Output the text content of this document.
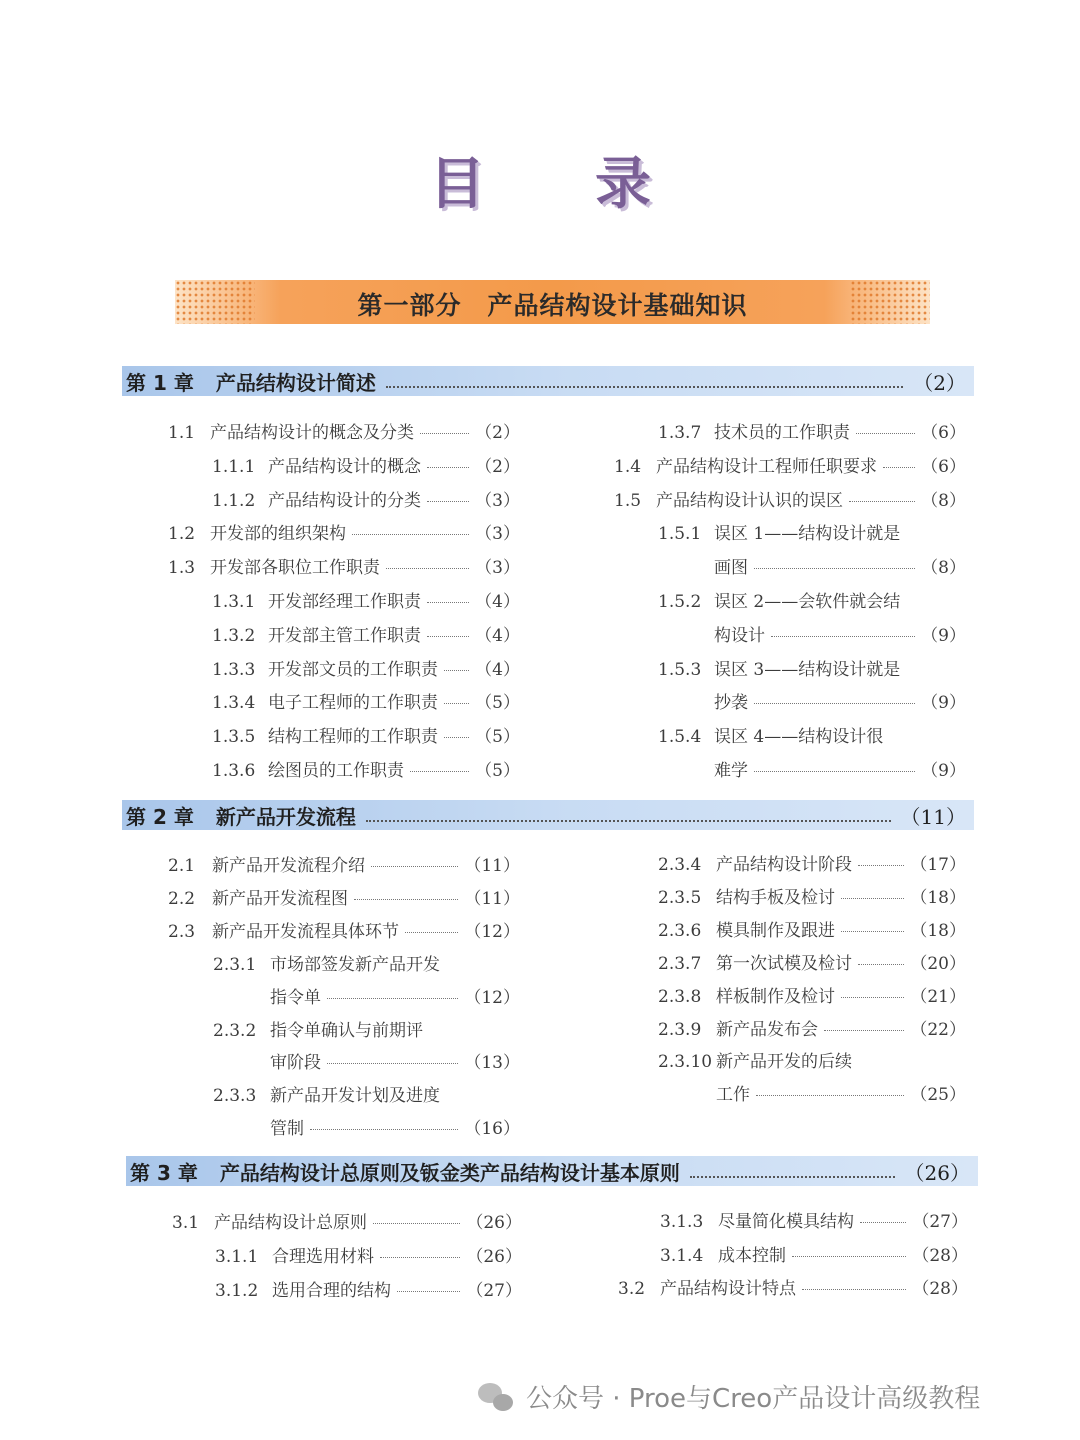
目录
第一部分　产品结构设计基础知识
第 1 章 产品结构设计简述	（2）
第 2 章 新产品开发流程	（11）
第 3 章 产品结构设计总原则及钣金类产品结构设计基本原则	（26）
1.1 产品结构设计的概念及分类	（2）
1.1.1 产品结构设计的概念	（2）
1.1.2 产品结构设计的分类	（3）
1.2 开发部的组织架构	（3）
1.3 开发部各职位工作职责	（3）
1.3.1 开发部经理工作职责	（4）
1.3.2 开发部主管工作职责	（4）
1.3.3 开发部文员的工作职责 （4）
1.3.4 电子工程师的工作职责 （5）
1.3.5 结构工程师的工作职责 （5）
1.3.6 绘图员的工作职责	（5）
1.3.7 技术员的工作职责	（6）
1.4 产品结构设计工程师任职要求	（6）
1.5 产品结构设计认识的误区	（8）
1.5.1 误区 1——结构设计就是
画图	（8）
1.5.2 误区 2——会软件就会结
构设计	（9）
1.5.3 误区 3——结构设计就是
抄袭	（9）
1.5.4 误区 4——结构设计很
难学	（9）
2.1 新产品开发流程介绍	（11）
2.2 新产品开发流程图	（11）
2.3 新产品开发流程具体环节	（12）
2.3.1 市场部签发新产品开发
指令单	（12）
2.3.2 指令单确认与前期评
审阶段	（13）
2.3.3 新产品开发计划及进度
管制	（16）
2.3.4 产品结构设计阶段	（17）
2.3.5 结构手板及检讨	（18）
2.3.6 模具制作及跟进	（18）
2.3.7 第一次试模及检讨	（20）
2.3.8 样板制作及检讨	（21）
2.3.9 新产品发布会	（22）
2.3.10 新产品开发的后续
工作	（25）
3.1 产品结构设计总原则	（26）
3.1.1 合理选用材料	（26）
3.1.2 选用合理的结构	（27）
3.1.3 尽量简化模具结构	（27）
3.1.4 成本控制	（28）
3.2 产品结构设计特点	（28）
公众号 · Proe与Creo产品设计高级教程
